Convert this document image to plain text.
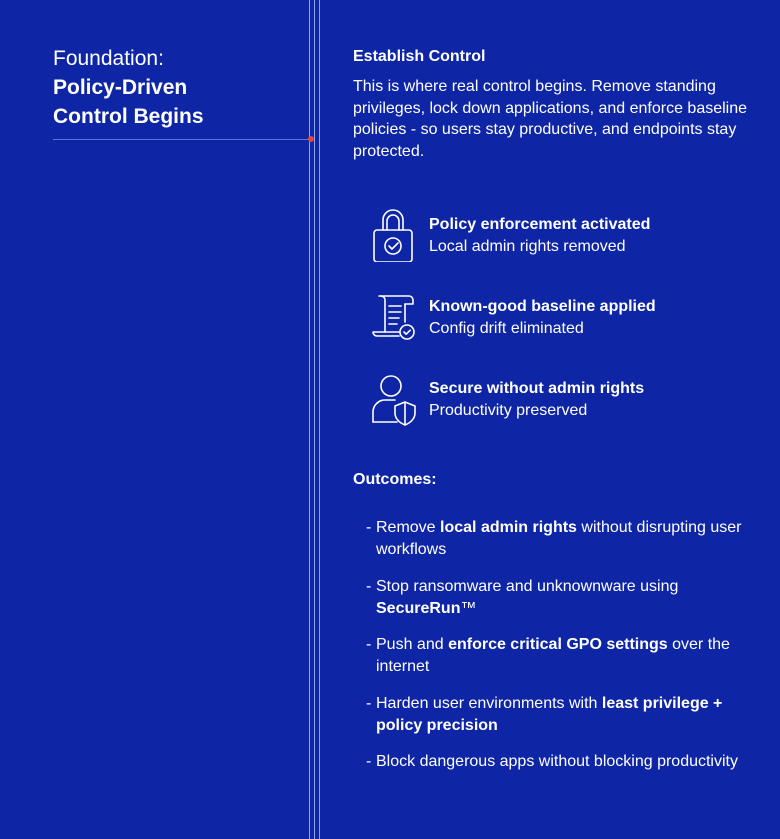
Foundation:
Policy-Driven
Control Begins
Establish Control

This is where real control begins. Remove standing privileges, lock down applications, and enforce baseline policies - so users stay productive, and endpoints stay protected.

Policy enforcement activated
Local admin rights removed
Known-good baseline applied
Config drift eliminated
Secure without admin rights
Productivity preserved
Outcomes:
- Remove local admin rights without disrupting user workflows
- Stop ransomware and unknownware using SecureRun™
- Push and enforce critical GPO settings over the internet
- Harden user environments with least privilege + policy precision
- Block dangerous apps without blocking productivity
